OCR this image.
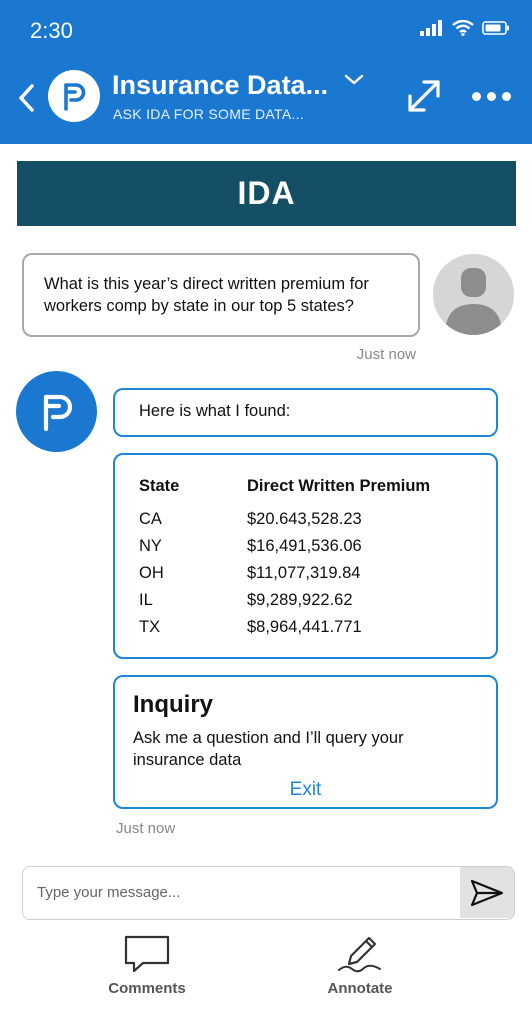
2:30
Insurance Data...
ASK IDA FOR SOME DATA...
IDA
What is this year’s direct written premium for workers comp by state in our top 5 states?
Just now
Here is what I found:
State	Direct Written Premium
CA	$20.643,528.23
NY	$16,491,536.06
OH	$11,077,319.84
IL	$9,289,922.62
TX	$8,964,441.771
Inquiry
Ask me a question and I’ll query your insurance data
Exit
Just now
Type your message...
Comments	Annotate
